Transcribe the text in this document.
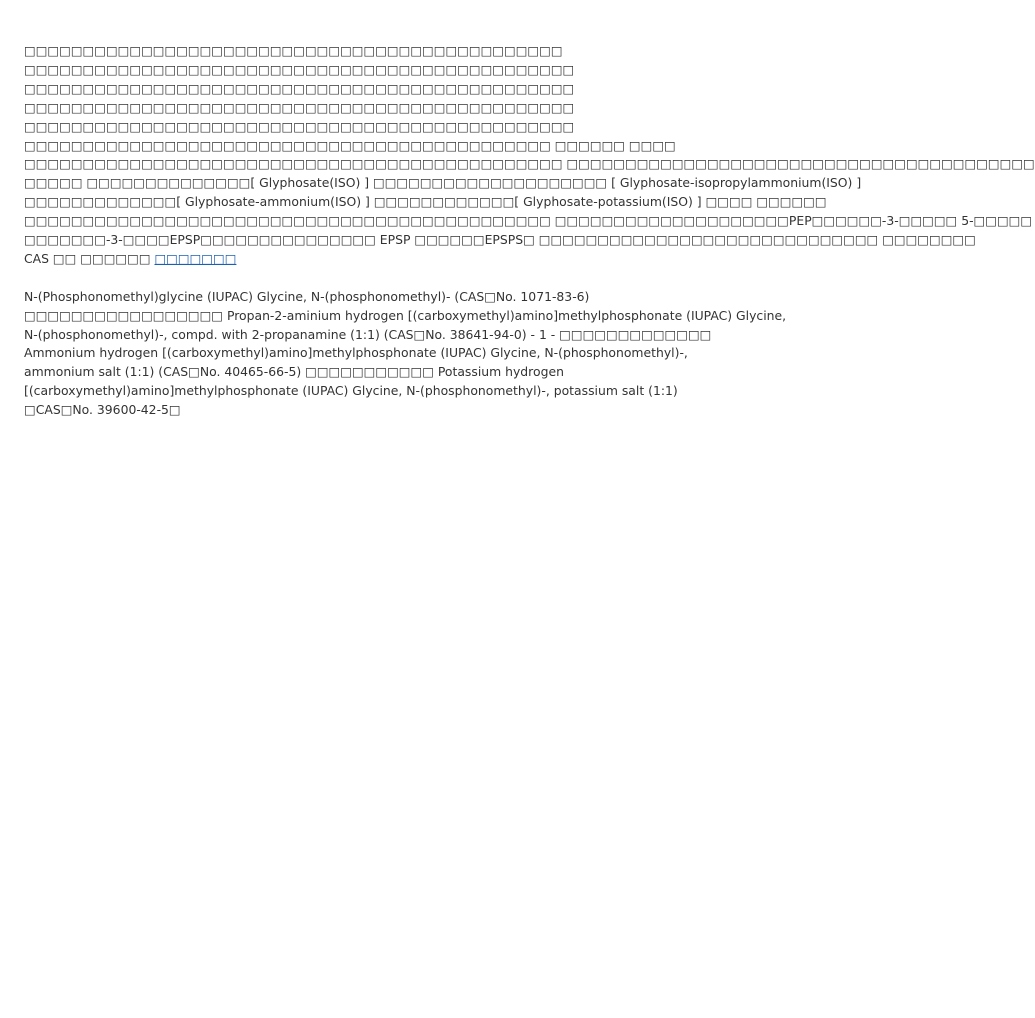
□□□□□□□□□□□□□□□□□□□□□□□□□□□□□□□□□□□□□□□□□□□□□□
□□□□□□□□□□□□□□□□□□□□□□□□□□□□□□□□□□□□□□□□□□□□□□□
□□□□□□□□□□□□□□□□□□□□□□□□□□□□□□□□□□□□□□□□□□□□□□□
□□□□□□□□□□□□□□□□□□□□□□□□□□□□□□□□□□□□□□□□□□□□□□□
□□□□□□□□□□□□□□□□□□□□□□□□□□□□□□□□□□□□□□□□□□□□□□□
□□□□□□□□□□□□□□□□□□□□□□□□□□□□□□□□□□□□□□□□□□□□□ □□□□□□ □□□□
□□□□□□□□□□□□□□□□□□□□□□□□□□□□□□□□□□□□□□□□□□□□□□ □□□□□□□□□□□□□□□□□□□□□□□□□□□□□□□□□□□□□□□□
□□□□□ □□□□□□□□□□□□□□[ Glyphosate(ISO) ] □□□□□□□□□□□□□□□□□□□□ [ Glyphosate-isopropylammonium(ISO) ]
□□□□□□□□□□□□□[ Glyphosate-ammonium(ISO) ] □□□□□□□□□□□□[ Glyphosate-potassium(ISO) ] □□□□ □□□□□□
□□□□□□□□□□□□□□□□□□□□□□□□□□□□□□□□□□□□□□□□□□□□□ □□□□□□□□□□□□□□□□□□□□PEP□□□□□□-3-□□□□□ 5-□□□□□
□□□□□□□-3-□□□□EPSP□□□□□□□□□□□□□□□ EPSP □□□□□□EPSPS□ □□□□□□□□□□□□□□□□□□□□□□□□□□□□□ □□□□□□□□
CAS □□ □□□□□□ □□□□□□□

N-(Phosphonomethyl)glycine (IUPAC) Glycine, N-(phosphonomethyl)- (CAS□No. 1071-83-6)
□□□□□□□□□□□□□□□□□ Propan-2-aminium hydrogen [(carboxymethyl)amino]methylphosphonate (IUPAC) Glycine,
N-(phosphonomethyl)-, compd. with 2-propanamine (1:1) (CAS□No. 38641-94-0) - 1 - □□□□□□□□□□□□□
Ammonium hydrogen [(carboxymethyl)amino]methylphosphonate (IUPAC) Glycine, N-(phosphonomethyl)-,
ammonium salt (1:1) (CAS□No. 40465-66-5) □□□□□□□□□□□ Potassium hydrogen
[(carboxymethyl)amino]methylphosphonate (IUPAC) Glycine, N-(phosphonomethyl)-, potassium salt (1:1)
□CAS□No. 39600-42-5□
